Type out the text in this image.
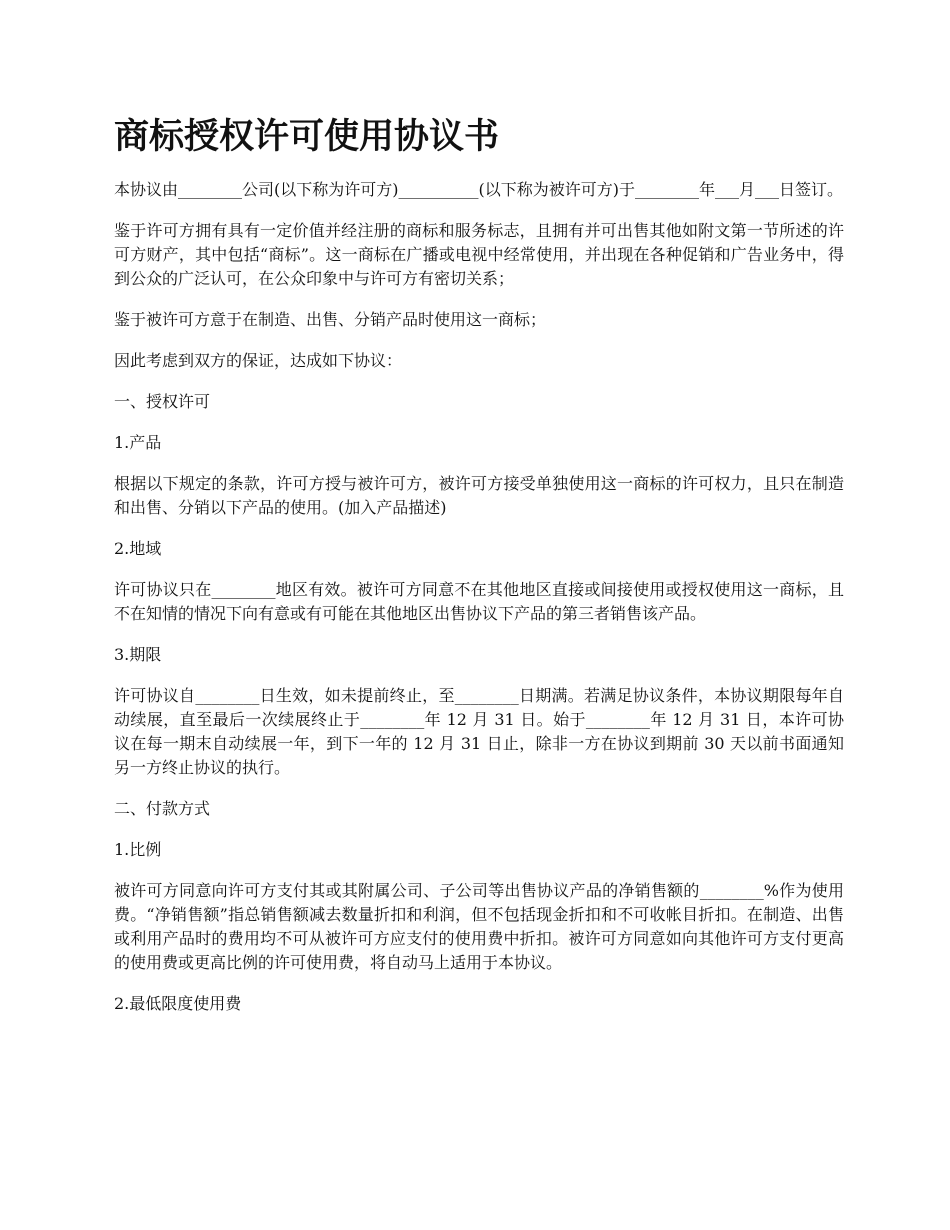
商标授权许可使用协议书

本协议由________公司(以下称为许可方)__________(以下称为被许可方)于________年___月___日签订。

鉴于许可方拥有具有一定价值并经注册的商标和服务标志，且拥有并可出售其他如附文第一节所述的许可方财产，其中包括“商标”。这一商标在广播或电视中经常使用，并出现在各种促销和广告业务中，得到公众的广泛认可，在公众印象中与许可方有密切关系；

鉴于被许可方意于在制造、出售、分销产品时使用这一商标；

因此考虑到双方的保证，达成如下协议：

一、授权许可

1.产品

根据以下规定的条款，许可方授与被许可方，被许可方接受单独使用这一商标的许可权力，且只在制造和出售、分销以下产品的使用。(加入产品描述)

2.地域

许可协议只在________地区有效。被许可方同意不在其他地区直接或间接使用或授权使用这一商标，且不在知情的情况下向有意或有可能在其他地区出售协议下产品的第三者销售该产品。

3.期限

许可协议自________日生效，如未提前终止，至________日期满。若满足协议条件，本协议期限每年自动续展，直至最后一次续展终止于________年 12 月 31 日。始于________年 12 月 31 日，本许可协议在每一期末自动续展一年，到下一年的 12 月 31 日止，除非一方在协议到期前 30 天以前书面通知另一方终止协议的执行。

二、付款方式

1.比例

被许可方同意向许可方支付其或其附属公司、子公司等出售协议产品的净销售额的________%作为使用费。“净销售额”指总销售额减去数量折扣和利润，但不包括现金折扣和不可收帐目折扣。在制造、出售或利用产品时的费用均不可从被许可方应支付的使用费中折扣。被许可方同意如向其他许可方支付更高的使用费或更高比例的许可使用费，将自动马上适用于本协议。

2.最低限度使用费
